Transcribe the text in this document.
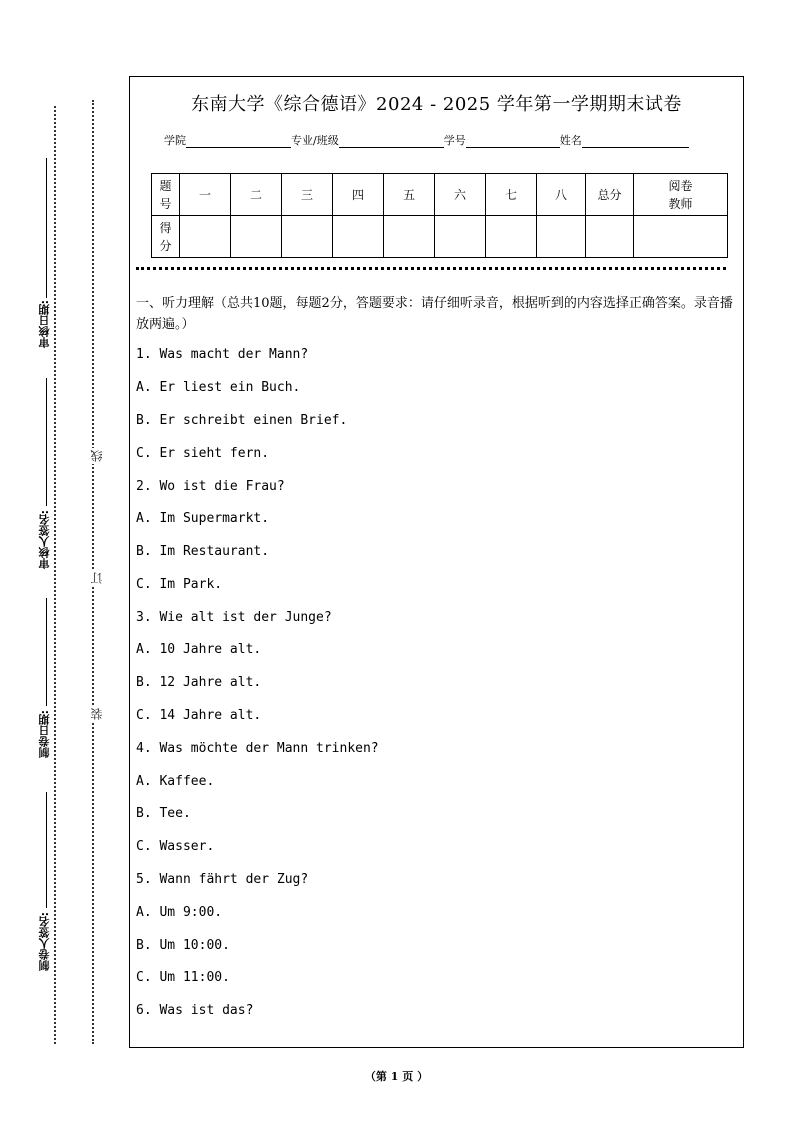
审核日期:
审核人签名:
制卷日期:
制卷人签名:
线
订
装
东南大学《综合德语》2024 - 2025 学年第一学期期末试卷
学院	专业/班级	学号	姓名
题号	一	二	三	四	五	六	七	八	总分	阅卷教师
得分										
一、听力理解（总共10题，每题2分，答题要求：请仔细听录音，根据听到的内容选择正确答案。录音播放两遍。）
1. Was macht der Mann?
A. Er liest ein Buch.
B. Er schreibt einen Brief.
C. Er sieht fern.
2. Wo ist die Frau?
A. Im Supermarkt.
B. Im Restaurant.
C. Im Park.
3. Wie alt ist der Junge?
A. 10 Jahre alt.
B. 12 Jahre alt.
C. 14 Jahre alt.
4. Was möchte der Mann trinken?
A. Kaffee.
B. Tee.
C. Wasser.
5. Wann fährt der Zug?
A. Um 9:00.
B. Um 10:00.
C. Um 11:00.
6. Was ist das?
（第 1 页 ）
